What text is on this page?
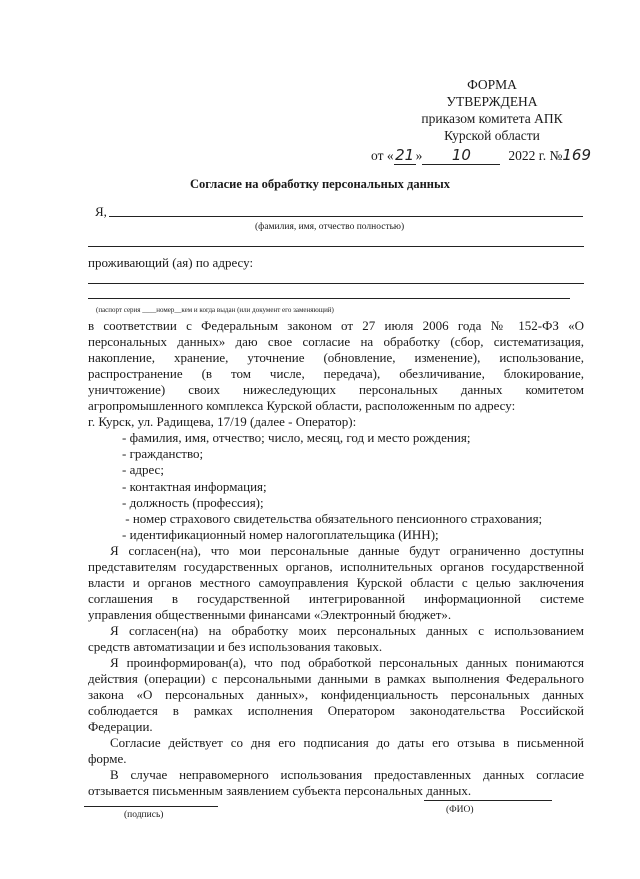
ФОРМА
УТВЕРЖДЕНА
приказом комитета АПК
Курской области
от «21» 10	2022 г. №169
Согласие на обработку персональных данных
Я,
(фамилия, имя, отчество полностью)
проживающий (ая) по адресу:
(паспорт серия ____номер__кем и когда выдан (или документ его заменяющий)
в соответствии с Федеральным законом от 27 июля 2006 года № 152-ФЗ «О
персональных данных» даю свое согласие на обработку (сбор, систематизация,
накопление, хранение, уточнение (обновление, изменение), использование,
распространение (в том числе, передача), обезличивание, блокирование,
уничтожение) своих нижеследующих персональных данных комитетом
агропромышленного комплекса Курской области, расположенным по адресу:
г. Курск, ул. Радищева, 17/19 (далее - Оператор):
- фамилия, имя, отчество; число, месяц, год и место рождения;
- гражданство;
- адрес;
- контактная информация;
- должность (профессия);
- номер страхового свидетельства обязательного пенсионного страхования;
- идентификационный номер налогоплательщика (ИНН);
Я согласен(на), что мои персональные данные будут ограниченно доступны
представителям государственных органов, исполнительных органов государственной
власти и органов местного самоуправления Курской области с целью заключения
соглашения в государственной интегрированной информационной системе
управления общественными финансами «Электронный бюджет».
Я согласен(на) на обработку моих персональных данных с использованием
средств автоматизации и без использования таковых.
Я проинформирован(а), что под обработкой персональных данных понимаются
действия (операции) с персональными данными в рамках выполнения Федерального
закона «О персональных данных», конфиденциальность персональных данных
соблюдается в рамках исполнения Оператором законодательства Российской
Федерации.
Согласие действует со дня его подписания до даты его отзыва в письменной
форме.
В случае неправомерного использования предоставленных данных согласие
отзывается письменным заявлением субъекта персональных данных.
(подпись)	(ФИО)
